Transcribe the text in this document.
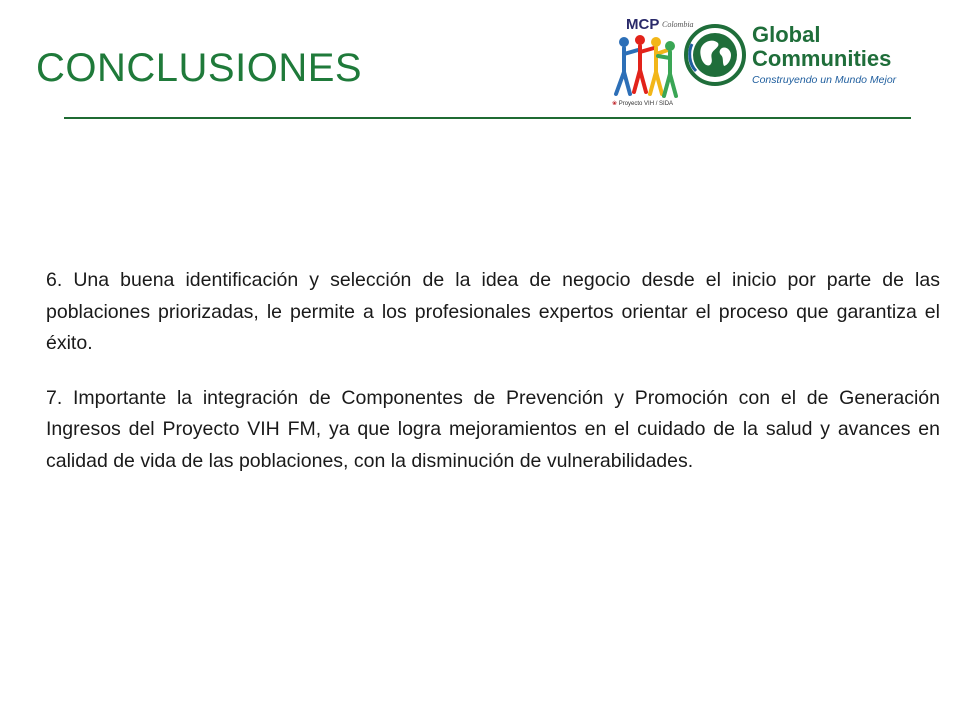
CONCLUSIONES
MCP Colombia
❀ Proyecto VIH / SIDA
Global
Communities
Construyendo un Mundo Mejor

6. Una buena identificación y selección de la idea de negocio desde el inicio por parte de las poblaciones priorizadas, le permite a los profesionales expertos orientar el proceso que garantiza el éxito.

7. Importante la integración de Componentes de Prevención y Promoción con el de Generación Ingresos del Proyecto VIH FM, ya que logra mejoramientos en el cuidado de la salud y avances en calidad de vida de las poblaciones, con la disminución de vulnerabilidades.
